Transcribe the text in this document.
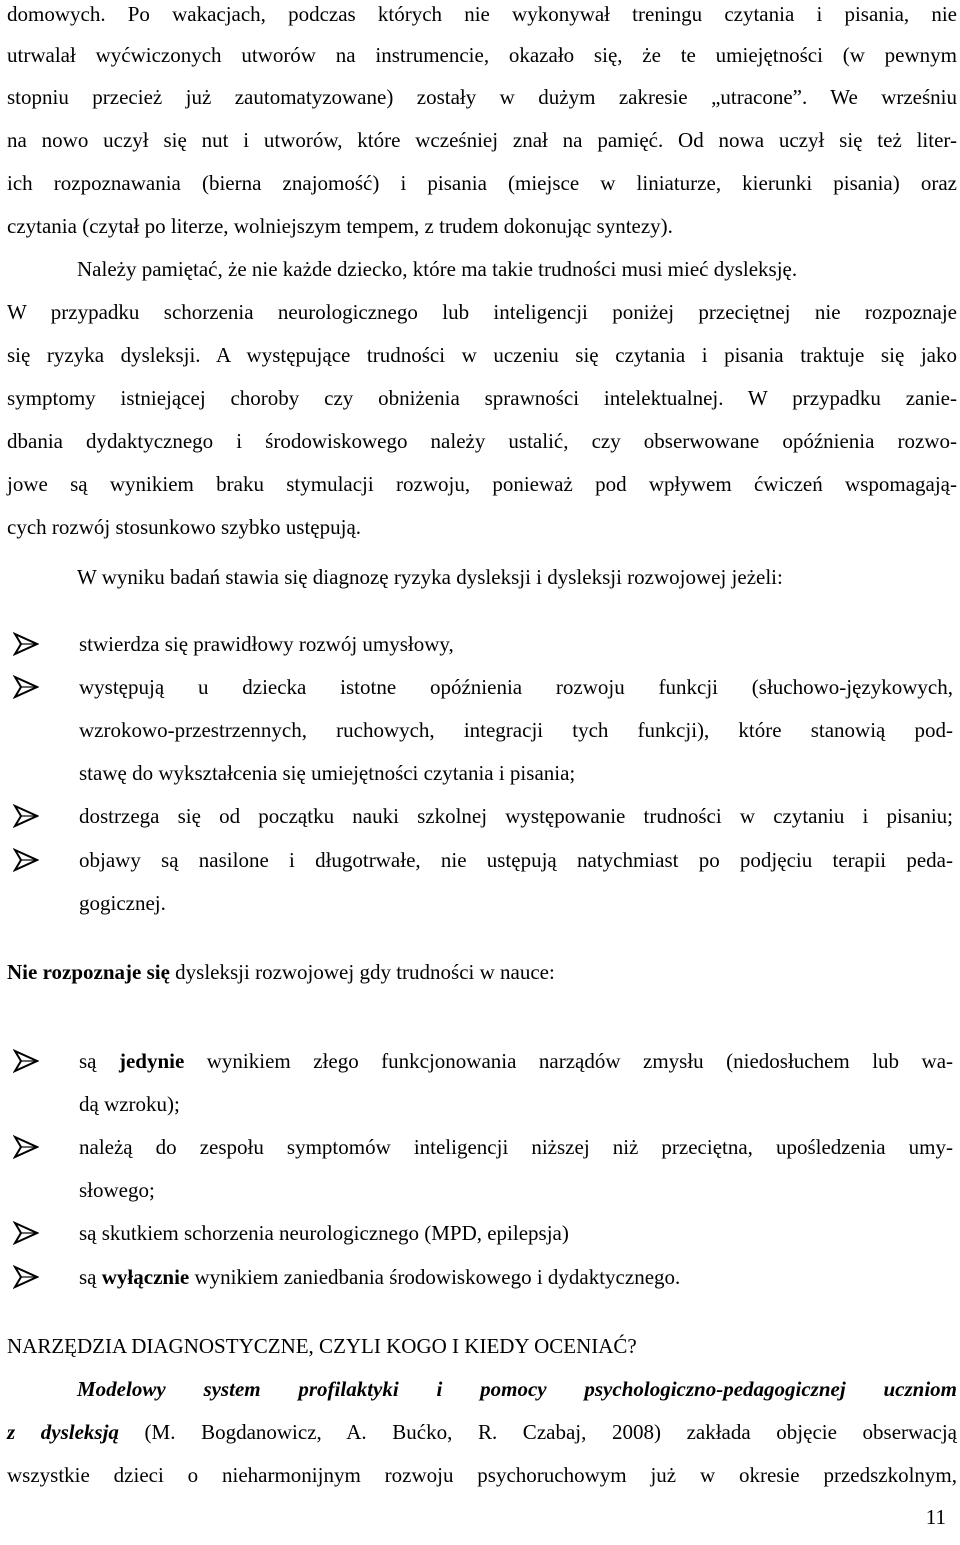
domowych. Po wakacjach, podczas których nie wykonywał treningu czytania i pisania, nie
utrwalał wyćwiczonych utworów na instrumencie, okazało się, że te umiejętności (w pewnym
stopniu przecież już zautomatyzowane) zostały w dużym zakresie „utracone”. We wrześniu
na nowo uczył się nut i utworów, które wcześniej znał na pamięć. Od nowa uczył się też liter-
ich rozpoznawania (bierna znajomość) i pisania (miejsce w liniaturze, kierunki pisania) oraz
czytania (czytał po literze, wolniejszym tempem, z trudem dokonując syntezy).
Należy pamiętać, że nie każde dziecko, które ma takie trudności musi mieć dysleksję.
W przypadku schorzenia neurologicznego lub inteligencji poniżej przeciętnej nie rozpoznaje
się ryzyka dysleksji. A występujące trudności w uczeniu się czytania i pisania traktuje się jako
symptomy istniejącej choroby czy obniżenia sprawności intelektualnej. W przypadku zanie-
dbania dydaktycznego i środowiskowego należy ustalić, czy obserwowane opóźnienia rozwo-
jowe są wynikiem braku stymulacji rozwoju, ponieważ pod wpływem ćwiczeń wspomagają-
cych rozwój stosunkowo szybko ustępują.
W wyniku badań stawia się diagnozę ryzyka dysleksji i dysleksji rozwojowej jeżeli:
stwierdza się prawidłowy rozwój umysłowy,
występują u dziecka istotne opóźnienia rozwoju funkcji (słuchowo-językowych,
wzrokowo-przestrzennych, ruchowych, integracji tych funkcji), które stanowią pod-
stawę do wykształcenia się umiejętności czytania i pisania;
dostrzega się od początku nauki szkolnej występowanie trudności w czytaniu i pisaniu;
objawy są nasilone i długotrwałe, nie ustępują natychmiast po podjęciu terapii peda-
gogicznej.
Nie rozpoznaje się dysleksji rozwojowej gdy trudności w nauce:
są jedynie wynikiem złego funkcjonowania narządów zmysłu (niedosłuchem lub wa-
dą wzroku);
należą do zespołu symptomów inteligencji niższej niż przeciętna, upośledzenia umy-
słowego;
są skutkiem schorzenia neurologicznego (MPD, epilepsja)
są wyłącznie wynikiem zaniedbania środowiskowego i dydaktycznego.
NARZĘDZIA DIAGNOSTYCZNE, CZYLI KOGO I KIEDY OCENIAĆ?
Modelowy system profilaktyki i pomocy psychologiczno-pedagogicznej uczniom
z dysleksją (M. Bogdanowicz, A. Bućko, R. Czabaj, 2008) zakłada objęcie obserwacją
wszystkie dzieci o nieharmonijnym rozwoju psychoruchowym już w okresie przedszkolnym,
11
